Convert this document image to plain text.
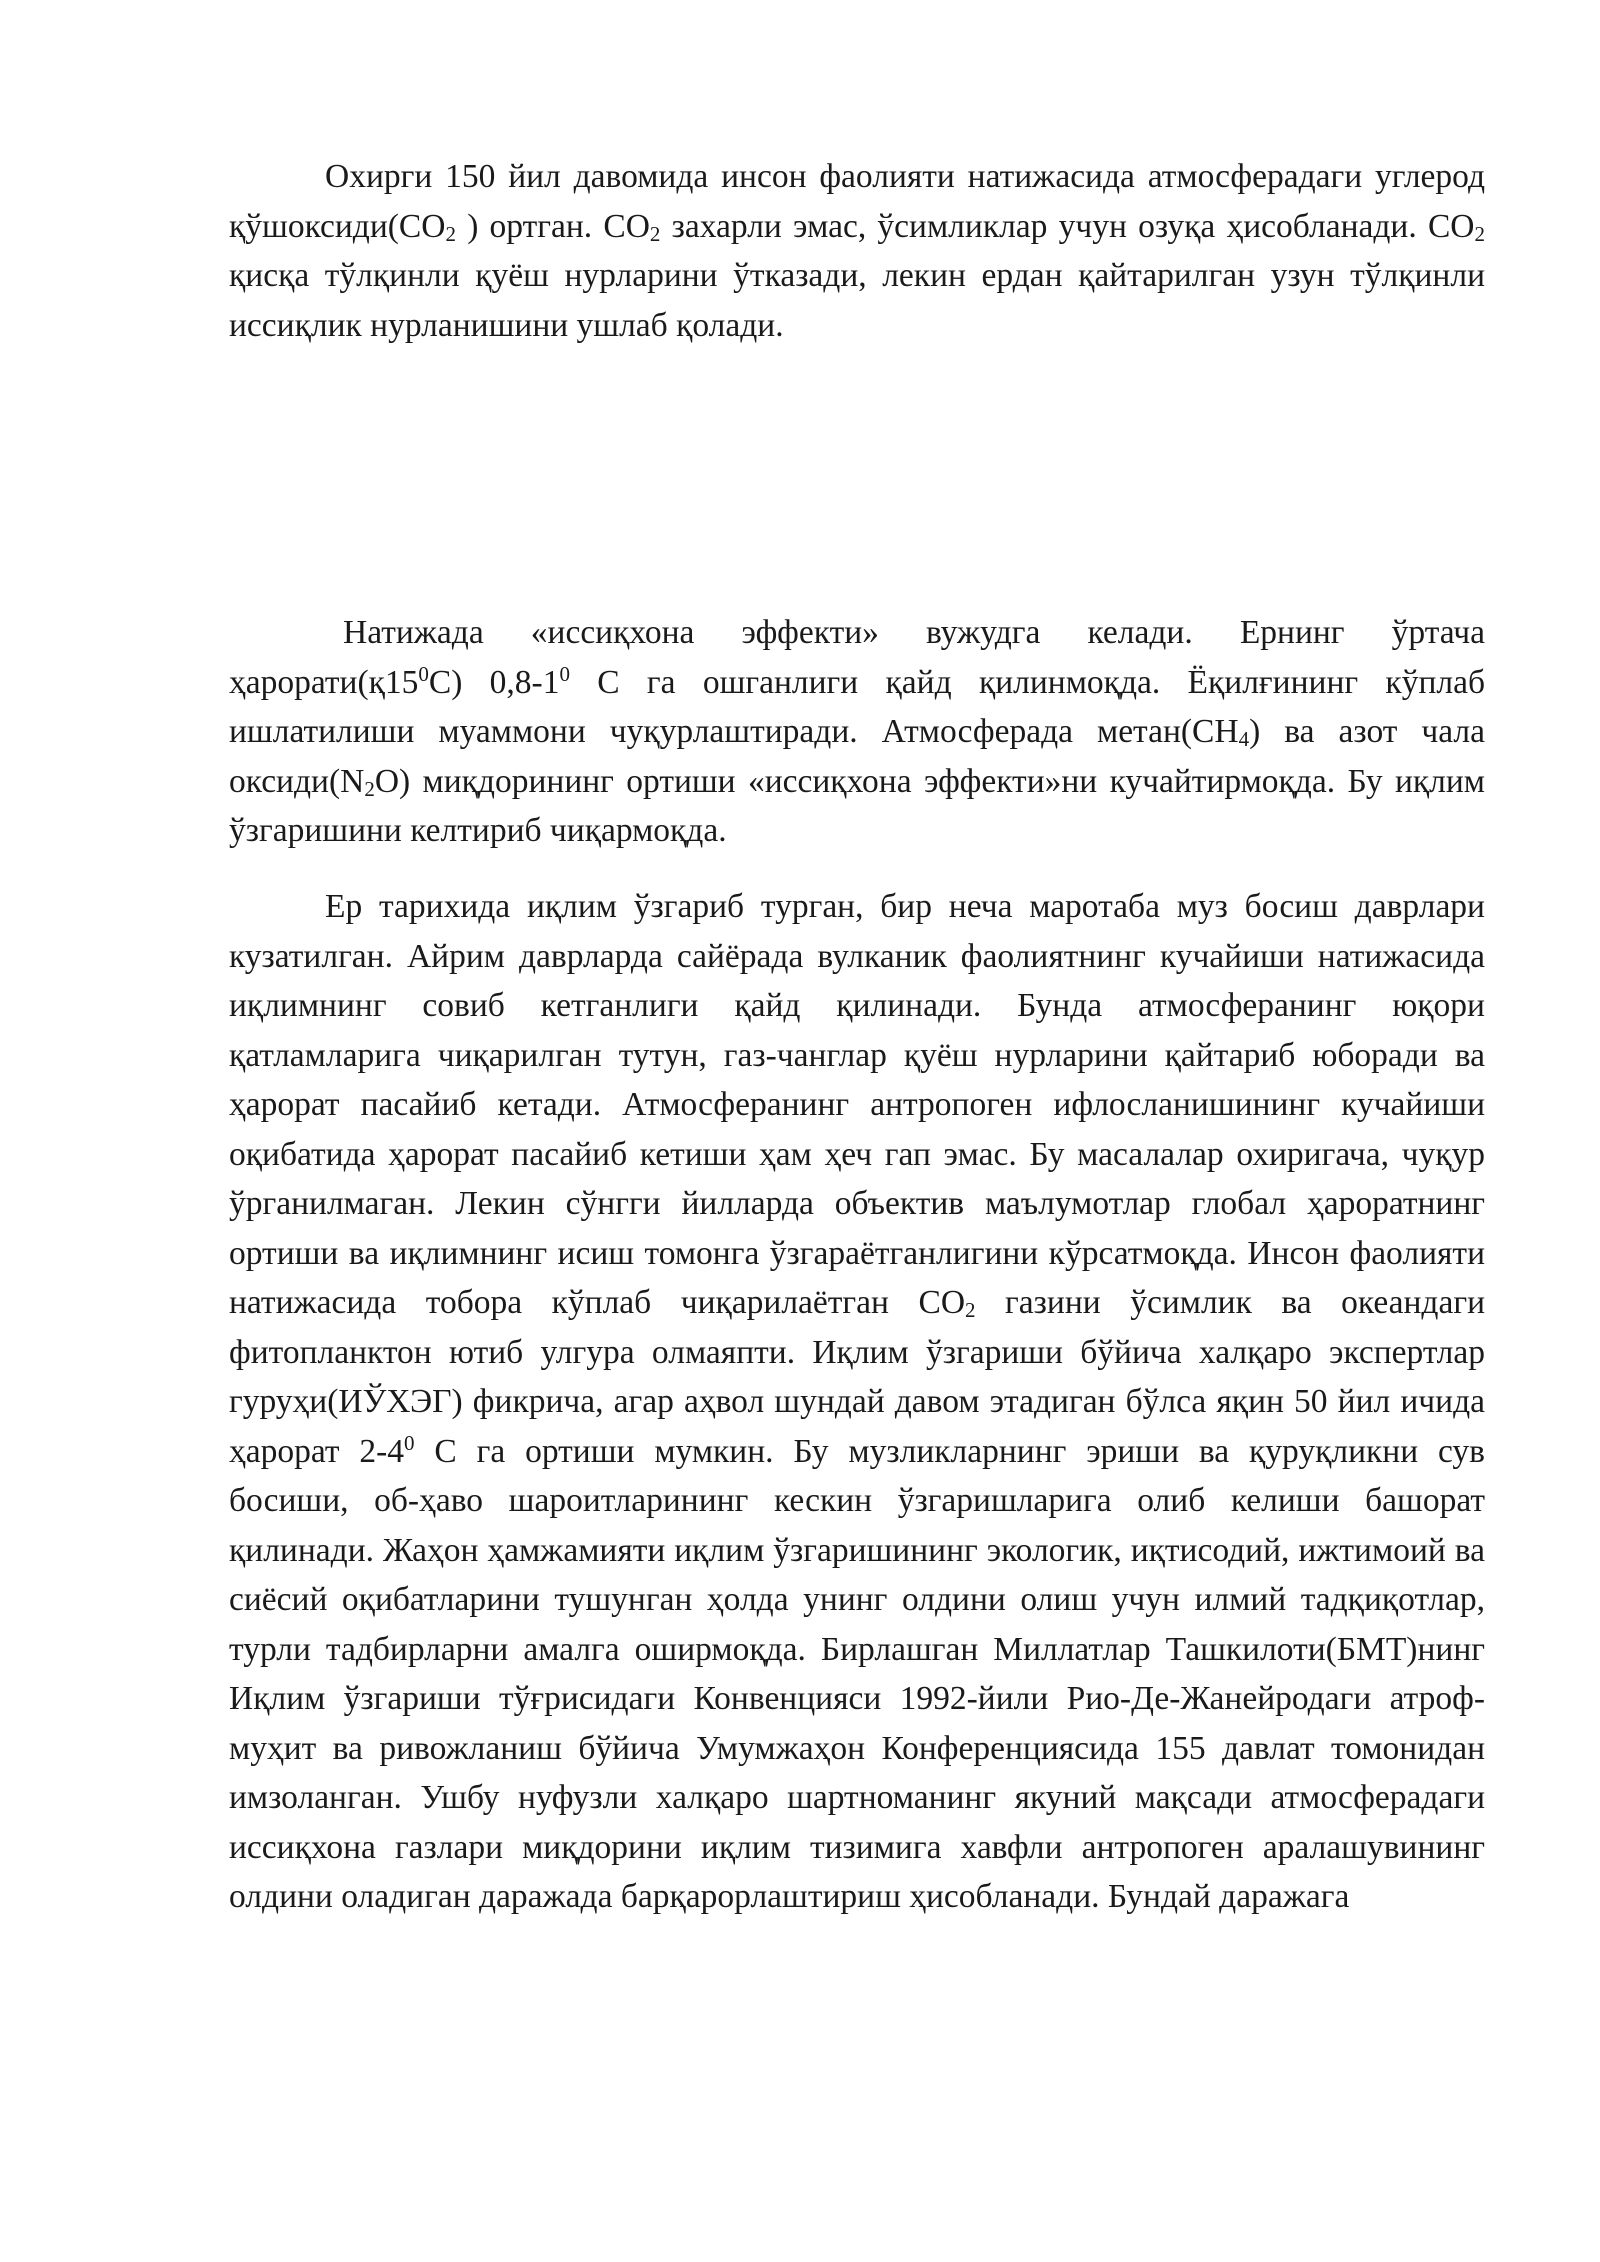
Охирги 150 йил давомида инсон фаолияти натижасида атмосферадаги углерод $қўшоксиди(CO_2$ ) ортган. $CO_2$ захарли эмас, ўсимликлар учун озуқа ҳисобланади. $CO_2$ қисқа тўлқинли қуёш нурларини ўтказади, лекин ердан қайтарилган узун тўлқинли иссиқлик нурланишини ушлаб қолади.

Натижада «иссиқхона эффекти» вужудга келади. Ернинг ўртача $ҳарорати(қ15^0С)$ $0,8-1^0$ С га ошганлиги қайд қилинмоқда. Ёқилғининг кўплаб ишлатилиши муаммони чуқурлаштиради. Атмосферада $метан(CH_4)$ ва азот чала $оксиди(N_2O)$ миқдорининг ортиши «иссиқхона эффекти»ни кучайтирмоқда. Бу иқлим ўзгаришини келтириб чиқармоқда.

Ер тарихида иқлим ўзгариб турган, бир неча маротаба муз босиш даврлари кузатилган. Айрим даврларда сайёрада вулканик фаолиятнинг кучайиши натижасида иқлимнинг совиб кетганлиги қайд қилинади. Бунда атмосферанинг юқори қатламларига чиқарилган тутун, газ-чанглар қуёш нурларини қайтариб юборади ва ҳарорат пасайиб кетади. Атмосферанинг антропоген ифлосланишининг кучайиши оқибатида ҳарорат пасайиб кетиши ҳам ҳеч гап эмас. Бу масалалар охиригача, чуқур ўрганилмаган. Лекин сўнгги йилларда объектив маълумотлар глобал ҳароратнинг ортиши ва иқлимнинг исиш томонга ўзгараётганлигини кўрсатмоқда. Инсон фаолияти натижасида тобора кўплаб чиқарилаётган $CO_2$ газини ўсимлик ва океандаги фитопланктон ютиб улгура олмаяпти. Иқлим ўзгариши бўйича халқаро экспертлар гуруҳи(ИЎХЭГ) фикрича, агар аҳвол шундай давом этадиган бўлса яқин 50 йил ичида ҳарорат $2-4^0$ С га ортиши мумкин. Бу музликларнинг эриши ва қуруқликни сув босиши, об-ҳаво шароитларининг кескин ўзгаришларига олиб келиши башорат қилинади. Жаҳон ҳамжамияти иқлим ўзгаришининг экологик, иқтисодий, ижтимоий ва сиёсий оқибатларини тушунган ҳолда унинг олдини олиш учун илмий тадқиқотлар, турли тадбирларни амалга оширмоқда. Бирлашган Миллатлар Ташкилоти(БМТ)нинг Иқлим ўзгариши тўғрисидаги Конвенцияси 1992-йили Рио-Де-Жанейродаги атроф-муҳит ва ривожланиш бўйича Умумжаҳон Конференциясида 155 давлат томонидан имзоланган. Ушбу нуфузли халқаро шартноманинг якуний мақсади атмосферадаги иссиқхона газлари миқдорини иқлим тизимига хавфли антропоген аралашувининг олдини оладиган даражада барқарорлаштириш ҳисобланади. Бундай даражага
